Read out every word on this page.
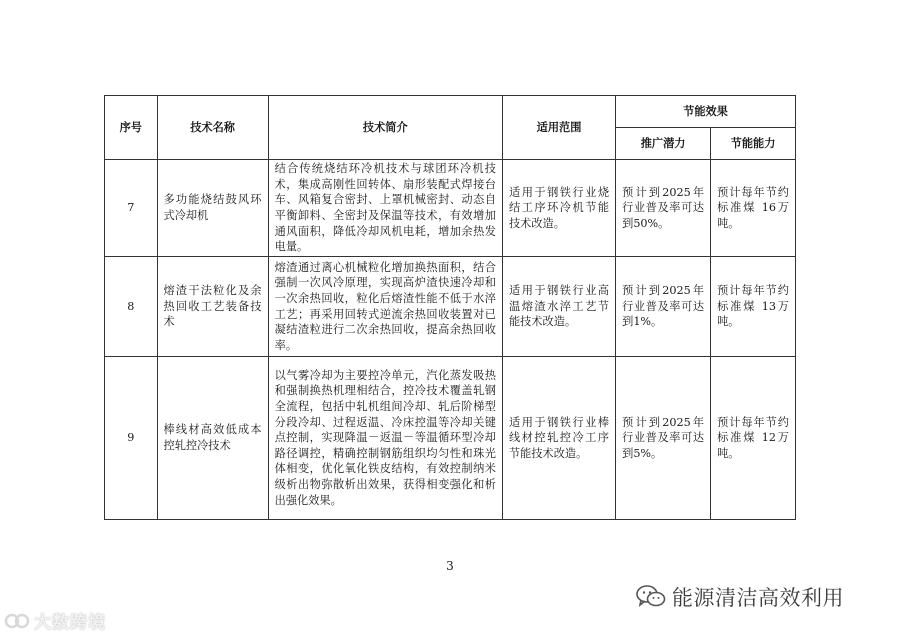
序号	技术名称	技术简介	适用范围	节能效果	
				推广潜力	节能能力
7	多功能烧结鼓风环式冷却机	结合传统烧结环冷机技术与球团环冷机技术，集成高刚性回转体、扇形装配式焊接台车、风箱复合密封、上罩机械密封、动态自平衡卸料、全密封及保温等技术，有效增加通风面积，降低冷却风机电耗，增加余热发电量。	适用于钢铁行业烧结工序环冷机节能技术改造。	预计到2025年行业普及率可达到50%。	预计每年节约标准煤 16万吨。
8	熔渣干法粒化及余热回收工艺装备技术	熔渣通过离心机械粒化增加换热面积，结合强制一次风冷原理，实现高炉渣快速冷却和一次余热回收，粒化后熔渣性能不低于水淬工艺；再采用回转式逆流余热回收装置对已凝结渣粒进行二次余热回收，提高余热回收率。	适用于钢铁行业高温熔渣水淬工艺节能技术改造。	预计到2025年行业普及率可达到1%。	预计每年节约标准煤 13万吨。
9	棒线材高效低成本控轧控冷技术	以气雾冷却为主要控冷单元，汽化蒸发吸热和强制换热机理相结合，控冷技术覆盖轧钢全流程，包括中轧机组间冷却、轧后阶梯型分段冷却、过程返温、冷床控温等冷却关键点控制，实现降温－返温－等温循环型冷却路径调控，精确控制钢筋组织均匀性和珠光体相变，优化氧化铁皮结构，有效控制纳米级析出物弥散析出效果，获得相变强化和析出强化效果。	适用于钢铁行业棒线材控轧控冷工序节能技术改造。	预计到2025年行业普及率可达到5%。	预计每年节约标准煤 12万吨。
3
大数跨境
能源清洁高效利用
